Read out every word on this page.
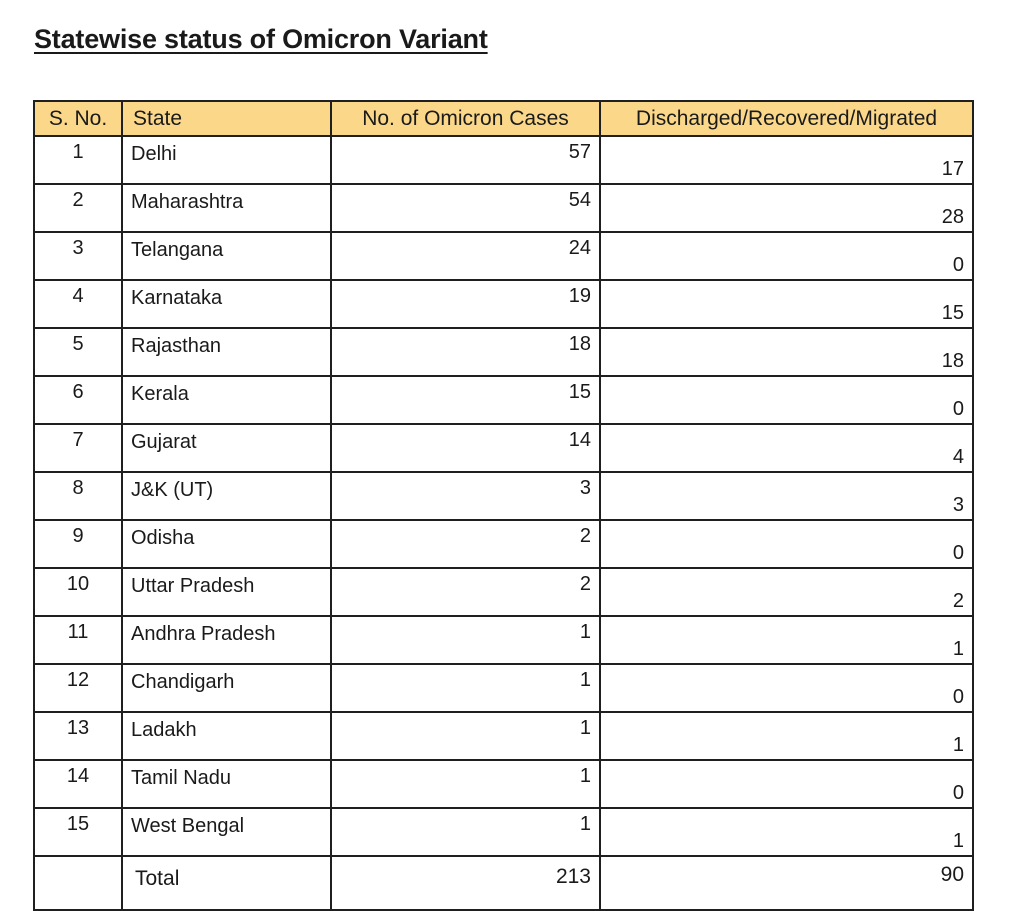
Statewise status of Omicron Variant
S. No.	State	No. of Omicron Cases	Discharged/Recovered/Migrated
1	Delhi	57	17
2	Maharashtra	54	28
3	Telangana	24	0
4	Karnataka	19	15
5	Rajasthan	18	18
6	Kerala	15	0
7	Gujarat	14	4
8	J&K (UT)	3	3
9	Odisha	2	0
10	Uttar Pradesh	2	2
11	Andhra Pradesh	1	1
12	Chandigarh	1	0
13	Ladakh	1	1
14	Tamil Nadu	1	0
15	West Bengal	1	1
	Total	213	90
